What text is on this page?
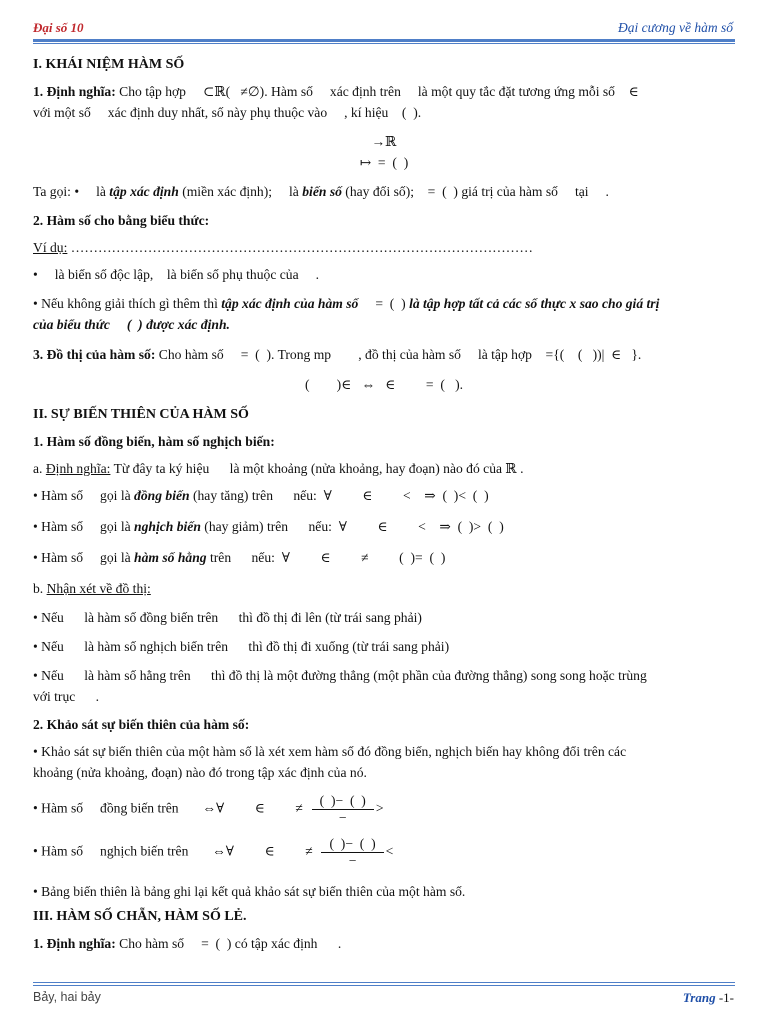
Đại số 10	Đại cương về hàm số

I. KHÁI NIỆM HÀM SỐ

1. Định nghĩa: Cho tập hợp     ⊂ℝ(   ≠∅). Hàm số     xác định trên     là một quy tắc đặt tương ứng mỗi số    ∈

với một số     xác định duy nhất, số này phụ thuộc vào     , kí hiệu    (  ).

→ℝ

↦  =  (  )

Ta gọi: •     là tập xác định (miền xác định);     là biến số (hay đối số);    =  (  ) giá trị của hàm số     tại     .

2. Hàm số cho bằng biểu thức:

Ví dụ: …………………………………………………………………………………………

•     là biến số độc lập,    là biến số phụ thuộc của     .

• Nếu không giải thích gì thêm thì tập xác định của hàm số     =  (  ) là tập hợp tất cả các số thực x sao cho giá trị

của biểu thức     (  ) được xác định.

3. Đồ thị của hàm số: Cho hàm số     =  (  ). Trong mp        , đồ thị của hàm số     là tập hợp    ={(    (   ))|  ∈   }.

(        )∈   ⇔   ∈         =  (   ).

II. SỰ BIẾN THIÊN CỦA HÀM SỐ

1. Hàm số đồng biến, hàm số nghịch biến:

a. Định nghĩa: Từ đây ta ký hiệu      là một khoảng (nửa khoảng, hay đoạn) nào đó của ℝ .

• Hàm số     gọi là đồng biến (hay tăng) trên      nếu:  ∀         ∈         <    ⇒  (  )<  (  )

• Hàm số     gọi là nghịch biến (hay giảm) trên      nếu:  ∀         ∈         <    ⇒  (  )>  (  )

• Hàm số     gọi là hàm số hằng trên      nếu:  ∀         ∈         ≠         (  )=  (  )

b. Nhận xét về đồ thị:

• Nếu      là hàm số đồng biến trên      thì đồ thị đi lên (từ trái sang phải)

• Nếu      là hàm số nghịch biến trên      thì đồ thị đi xuống (từ trái sang phải)

• Nếu      là hàm số hằng trên      thì đồ thị là một đường thẳng (một phần của đường thẳng) song song hoặc trùng

với trục      .

2. Khảo sát sự biến thiên của hàm số:

• Khảo sát sự biến thiên của một hàm số là xét xem hàm số đó đồng biến, nghịch biến hay không đổi trên các

khoảng (nửa khoảng, đoạn) nào đó trong tập xác định của nó.

• Hàm số     đồng biến trên       ⇔∀         ∈         ≠ $\frac{( )- ( )}{-}$ >

• Hàm số     nghịch biến trên       ⇔∀         ∈         ≠ $\frac{( )- ( )}{-}$ <

• Bảng biến thiên là bảng ghi lại kết quả khảo sát sự biến thiên của một hàm số.

III. HÀM SỐ CHẴN, HÀM SỐ LẺ.

1. Định nghĩa: Cho hàm số     =  (  ) có tập xác định      .

Bảy, hai bảy	Trang -1-
